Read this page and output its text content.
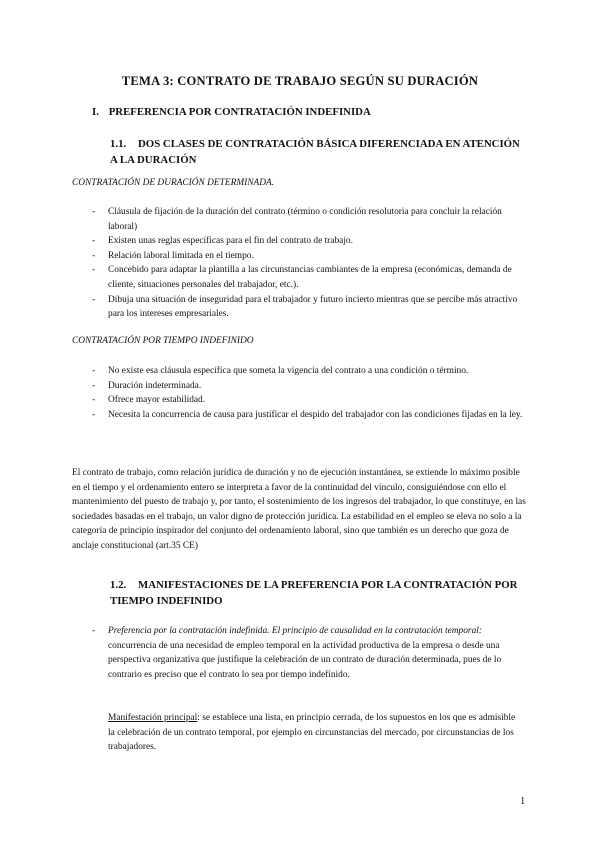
TEMA 3: CONTRATO DE TRABAJO SEGÚN SU DURACIÓN
I. PREFERENCIA POR CONTRATACIÓN INDEFINIDA
1.1. DOS CLASES DE CONTRATACIÓN BÁSICA DIFERENCIADA EN ATENCIÓN
A LA DURACIÓN
CONTRATACIÓN DE DURACIÓN DETERMINADA.
- Cláusula de fijación de la duración del contrato (término o condición resolutoria para concluir la relación laboral)
- Existen unas reglas específicas para el fin del contrato de trabajo.
- Relación laboral limitada en el tiempo.
- Concebido para adaptar la plantilla a las circunstancias cambiantes de la empresa (económicas, demanda de cliente, situaciones personales del trabajador, etc.).
- Dibuja una situación de inseguridad para el trabajador y futuro incierto mientras que se percibe más atractivo para los intereses empresariales.
CONTRATACIÓN POR TIEMPO INDEFINIDO
- No existe esa cláusula específica que someta la vigencia del contrato a una condición o término.
- Duración indeterminada.
- Ofrece mayor estabilidad.
- Necesita la concurrencia de causa para justificar el despido del trabajador con las condiciones fijadas en la ley.

El contrato de trabajo, como relación jurídica de duración y no de ejecución instantánea, se extiende lo máximo posible en el tiempo y el ordenamiento entero se interpreta a favor de la continuidad del vínculo, consiguiéndose con ello el mantenimiento del puesto de trabajo y, por tanto, el sostenimiento de los ingresos del trabajador, lo que constituye, en las sociedades basadas en el trabajo, un valor digno de protección jurídica. La estabilidad en el empleo se eleva no solo a la categoría de principio inspirador del conjunto del ordenamiento laboral, sino que también es un derecho que goza de anclaje constitucional (art.35 CE)

1.2. MANIFESTACIONES DE LA PREFERENCIA POR LA CONTRATACIÓN POR
TIEMPO INDEFINIDO
- Preferencia por la contratación indefinida. El principio de causalidad en la contratación temporal: concurrencia de una necesidad de empleo temporal en la actividad productiva de la empresa o desde una perspectiva organizativa que justifique la celebración de un contrato de duración determinada, pues de lo contrario es preciso que el contrato lo sea por tiempo indefinido.

Manifestación principal: se establece una lista, en principio cerrada, de los supuestos en los que es admisible la celebración de un contrato temporal, por ejemplo en circunstancias del mercado, por circunstancias de los trabajadores.

1
